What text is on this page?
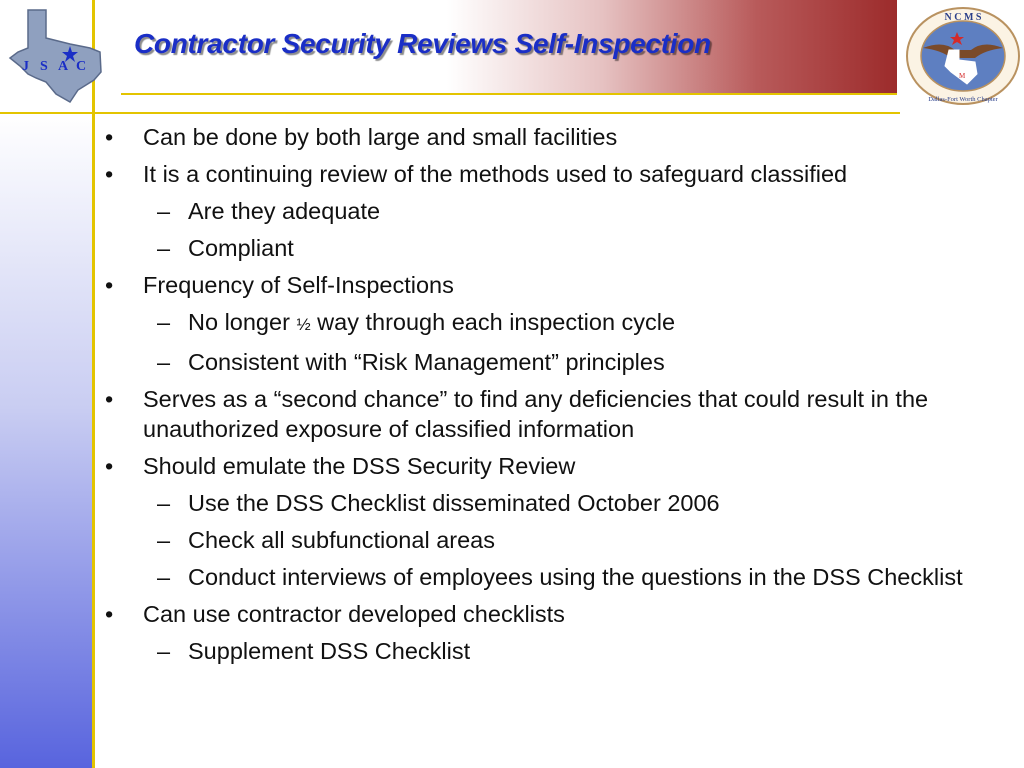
J S A C
N C M S
M
Dallas-Fort Worth Chapter
Contractor Security Reviews Self-Inspection
• Can be done by both large and small facilities
• It is a continuing review of the methods used to safeguard classified
– Are they adequate
– Compliant
• Frequency of Self-Inspections
– No longer ½ way through each inspection cycle
– Consistent with “Risk Management” principles
• Serves as a “second chance” to find any deficiencies that could result in the unauthorized exposure of classified information
• Should emulate the DSS Security Review
– Use the DSS Checklist disseminated October 2006
– Check all subfunctional areas
– Conduct interviews of employees using the questions in the DSS Checklist
• Can use contractor developed checklists
– Supplement DSS Checklist
